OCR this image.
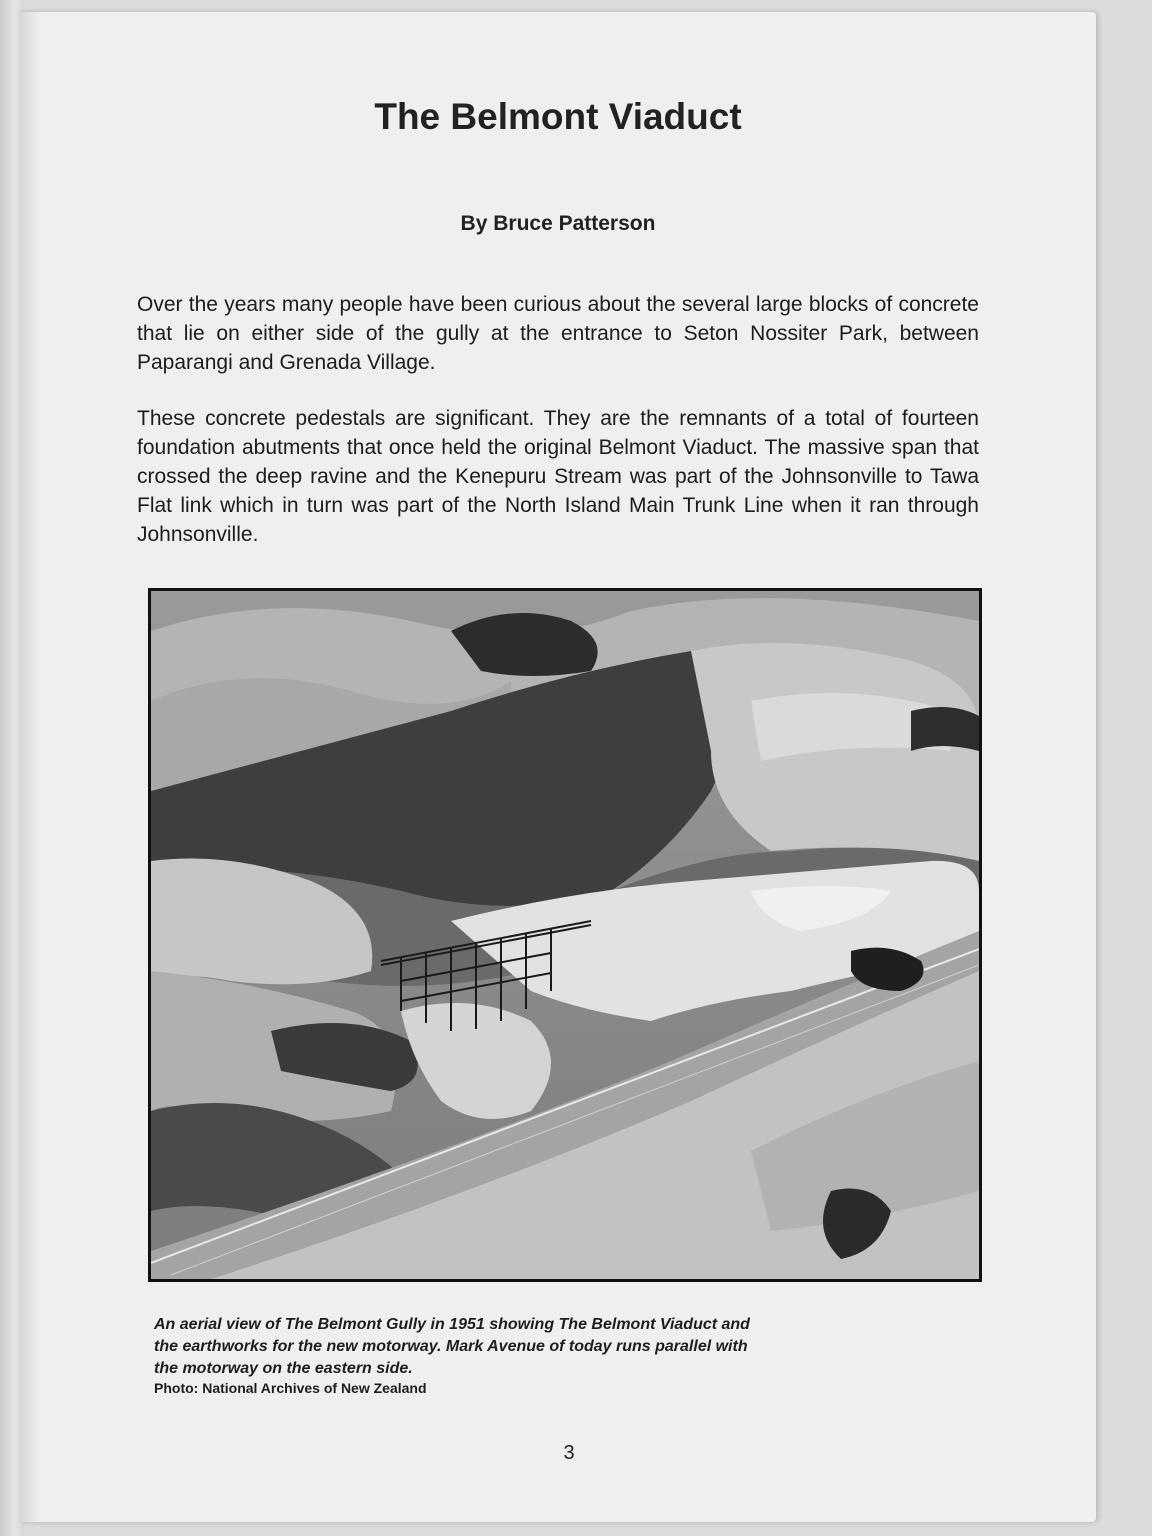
The Belmont Viaduct

By Bruce Patterson

Over the years many people have been curious about the several large blocks of concrete that lie on either side of the gully at the entrance to Seton Nossiter Park, between Paparangi and Grenada Village.

These concrete pedestals are significant. They are the remnants of a total of fourteen foundation abutments that once held the original Belmont Viaduct. The massive span that crossed the deep ravine and the Kenepuru Stream was part of the Johnsonville to Tawa Flat link which in turn was part of the North Island Main Trunk Line when it ran through Johnsonville.

An aerial view of The Belmont Gully in 1951 showing The Belmont Viaduct and the earthworks for the new motorway. Mark Avenue of today runs parallel with the motorway on the eastern side.

Photo: National Archives of New Zealand

3
